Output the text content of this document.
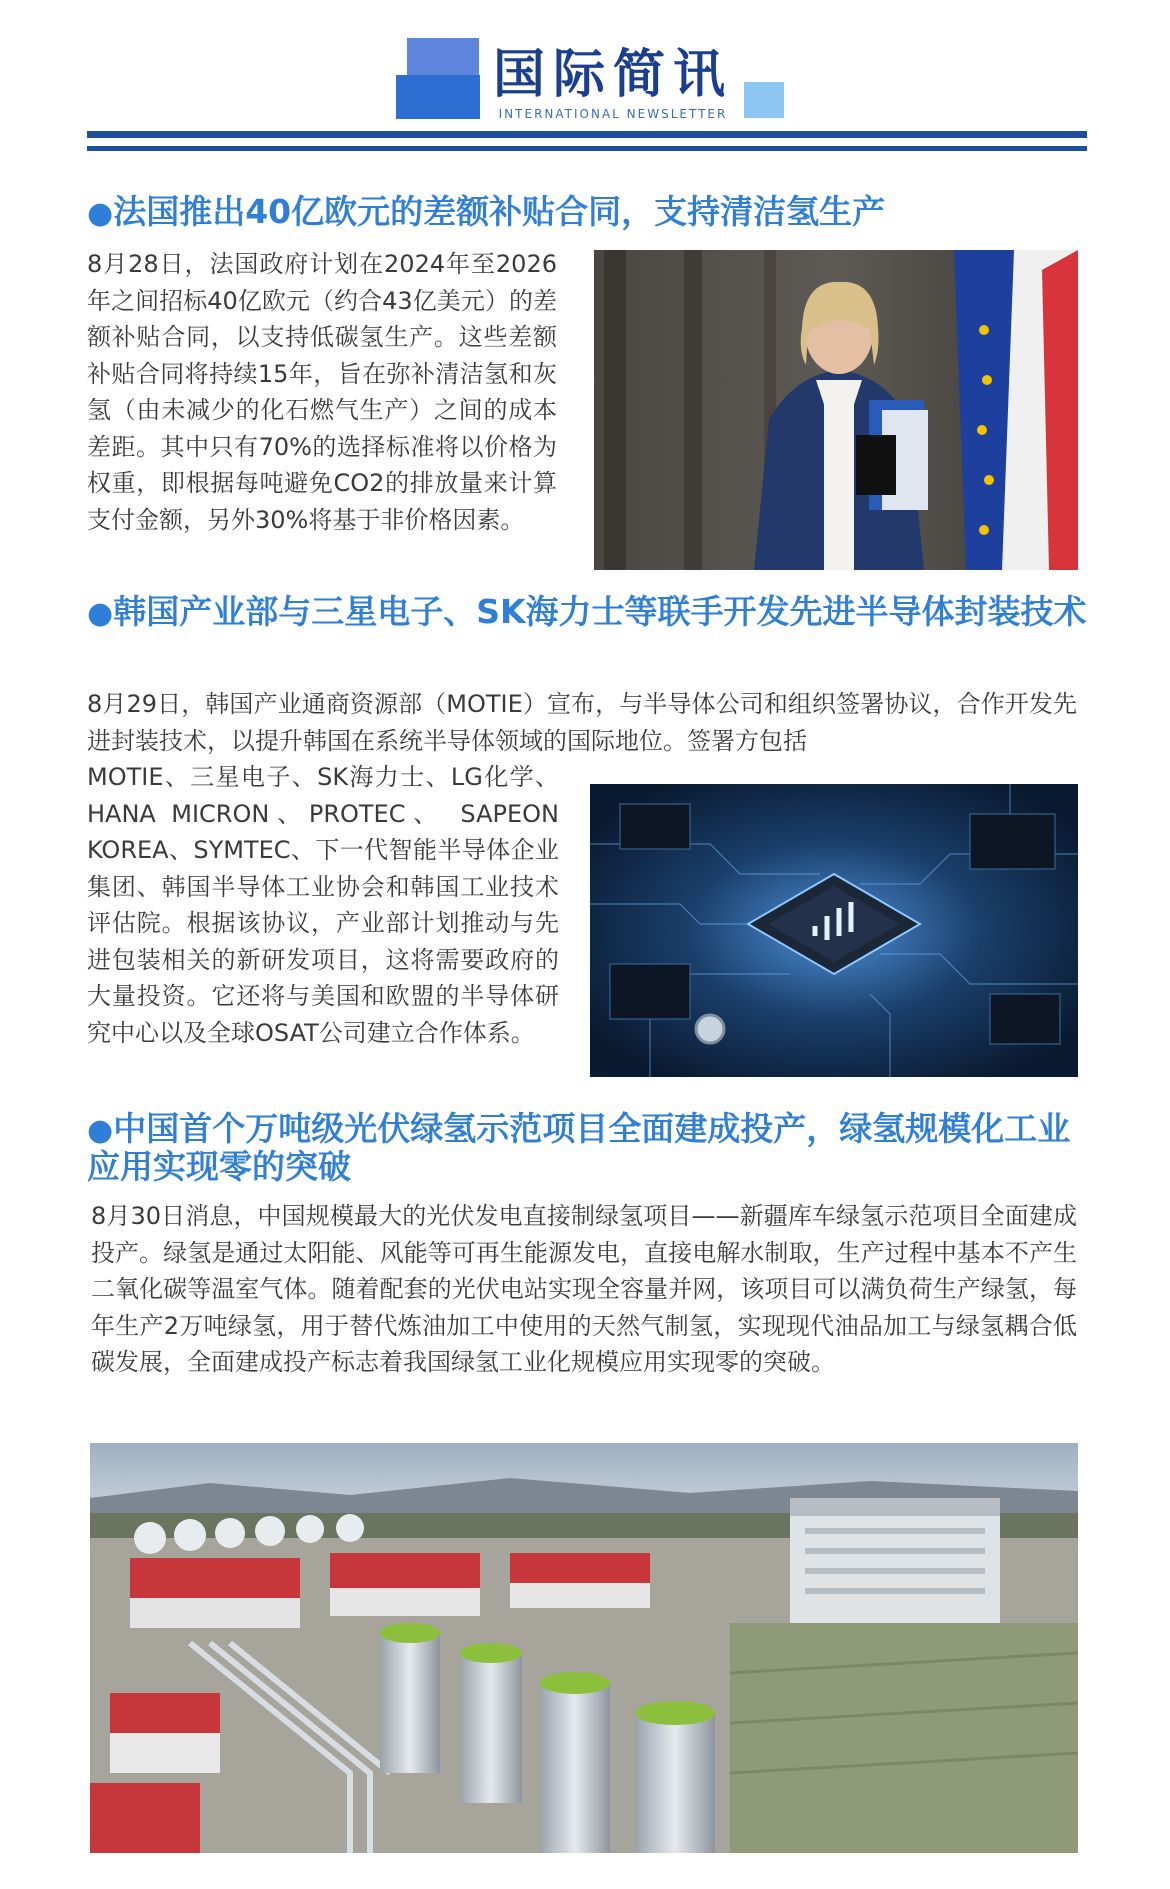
国际简讯
INTERNATIONAL NEWSLETTER
●法国推出40亿欧元的差额补贴合同，支持清洁氢生产

8月28日，法国政府计划在2024年至2026年之间招标40亿欧元（约合43亿美元）的差额补贴合同，以支持低碳氢生产。这些差额补贴合同将持续15年，旨在弥补清洁氢和灰氢（由未减少的化石燃气生产）之间的成本差距。其中只有70%的选择标准将以价格为权重，即根据每吨避免CO2的排放量来计算支付金额，另外30%将基于非价格因素。

●韩国产业部与三星电子、SK海力士等联手开发先进半导体封装技术

8月29日，韩国产业通商资源部（MOTIE）宣布，与半导体公司和组织签署协议，合作开发先进封装技术，以提升韩国在系统半导体领域的国际地位。签署方包括

MOTIE、三星电子、SK海力士、LG化学、HANA MICRON、PROTEC、 SAPEON KOREA、SYMTEC、下一代智能半导体企业集团、韩国半导体工业协会和韩国工业技术评估院。根据该协议，产业部计划推动与先进包装相关的新研发项目，这将需要政府的大量投资。它还将与美国和欧盟的半导体研究中心以及全球OSAT公司建立合作体系。

●中国首个万吨级光伏绿氢示范项目全面建成投产，绿氢规模化工业应用实现零的突破

8月30日消息，中国规模最大的光伏发电直接制绿氢项目——新疆库车绿氢示范项目全面建成投产。绿氢是通过太阳能、风能等可再生能源发电，直接电解水制取，生产过程中基本不产生二氧化碳等温室气体。随着配套的光伏电站实现全容量并网，该项目可以满负荷生产绿氢，每年生产2万吨绿氢，用于替代炼油加工中使用的天然气制氢，实现现代油品加工与绿氢耦合低碳发展，全面建成投产标志着我国绿氢工业化规模应用实现零的突破。
